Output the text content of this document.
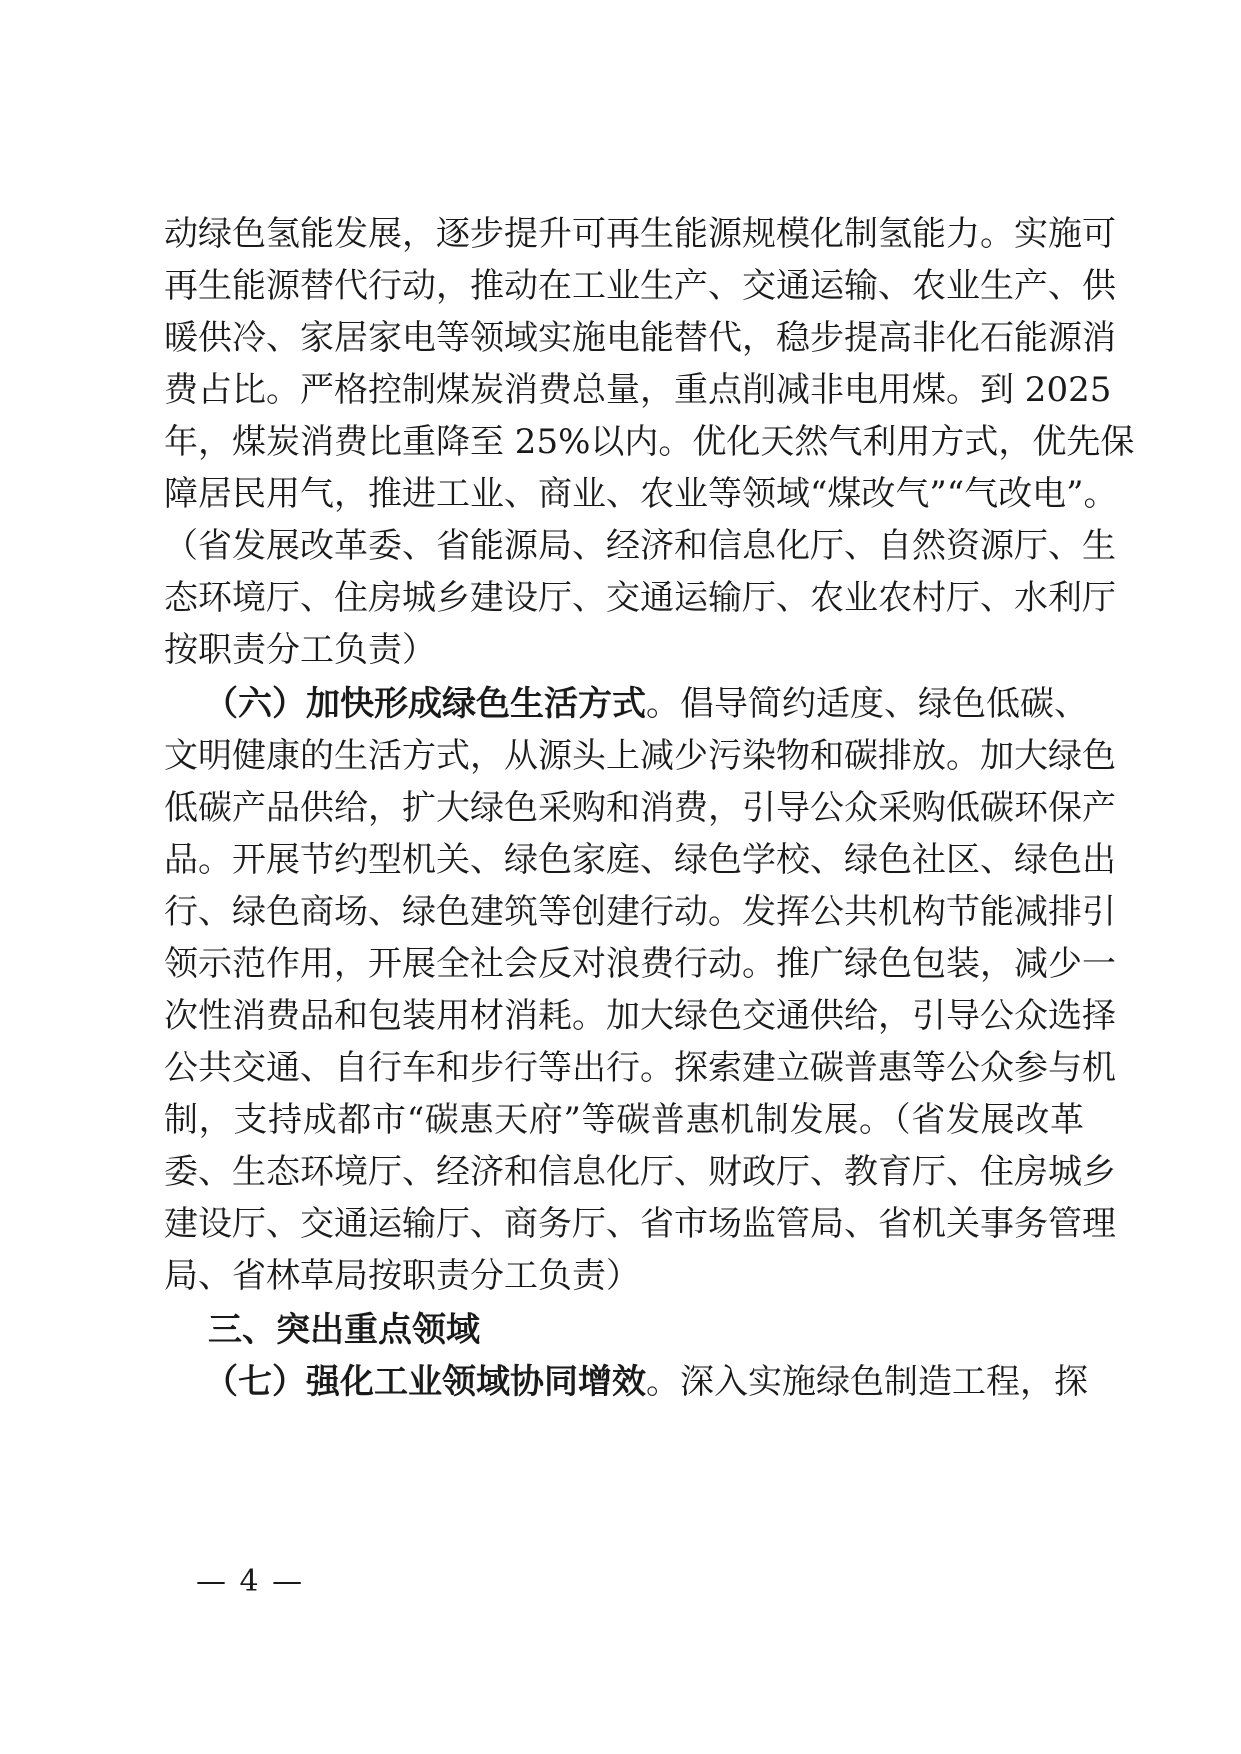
动绿色氢能发展，逐步提升可再生能源规模化制氢能力。实施可
再生能源替代行动，推动在工业生产、交通运输、农业生产、供
暖供冷、家居家电等领域实施电能替代，稳步提高非化石能源消
费占比。严格控制煤炭消费总量，重点削减非电用煤。到 2025
年，煤炭消费比重降至 25%以内。优化天然气利用方式，优先保
障居民用气，推进工业、商业、农业等领域“煤改气”“气改电”。
（省发展改革委、省能源局、经济和信息化厅、自然资源厅、生
态环境厅、住房城乡建设厅、交通运输厅、农业农村厅、水利厅
按职责分工负责）
（六）加快形成绿色生活方式。倡导简约适度、绿色低碳、
文明健康的生活方式，从源头上减少污染物和碳排放。加大绿色
低碳产品供给，扩大绿色采购和消费，引导公众采购低碳环保产
品。开展节约型机关、绿色家庭、绿色学校、绿色社区、绿色出
行、绿色商场、绿色建筑等创建行动。发挥公共机构节能减排引
领示范作用，开展全社会反对浪费行动。推广绿色包装，减少一
次性消费品和包装用材消耗。加大绿色交通供给，引导公众选择
公共交通、自行车和步行等出行。探索建立碳普惠等公众参与机
制，支持成都市“碳惠天府”等碳普惠机制发展。（省发展改革
委、生态环境厅、经济和信息化厅、财政厅、教育厅、住房城乡
建设厅、交通运输厅、商务厅、省市场监管局、省机关事务管理
局、省林草局按职责分工负责）
三、突出重点领域
（七）强化工业领域协同增效。深入实施绿色制造工程，探
— 4 —
